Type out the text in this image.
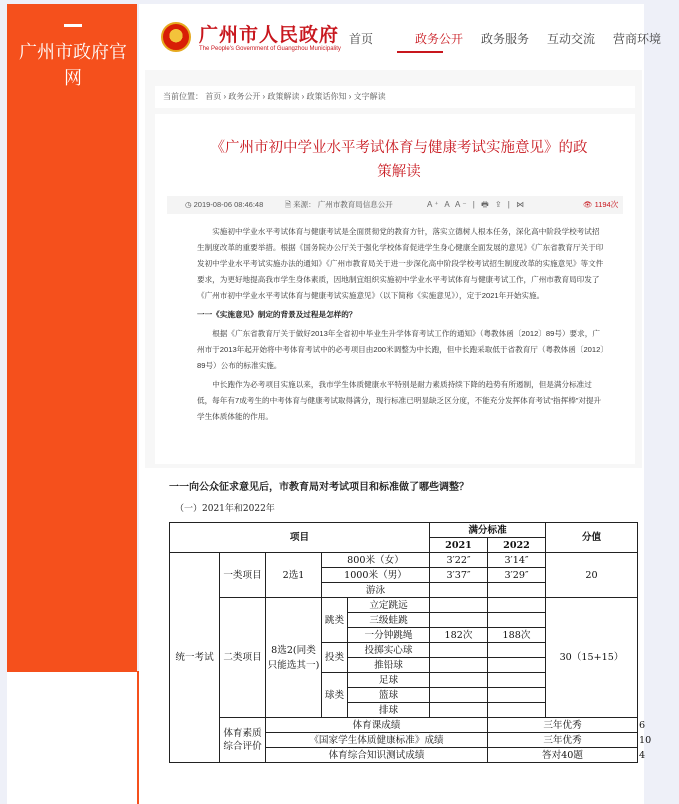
广州市政府官网
广州市人民政府
The People's Government of Guangzhou Municipality
首页	政务公开	政务服务	互动交流	营商环境
当前位置： 首页 › 政务公开 › 政策解读 › 政策话你知 › 文字解读
《广州市初中学业水平考试体育与健康考试实施意见》的政策解读
◷ 2019-08-06 08:46:48	🗎 来源： 广州市教育局信息公开	A⁺ A A⁻ | 🖶 ⇪ | ⋈	👁 1194次

实施初中学业水平考试体育与健康考试是全面贯彻党的教育方针，落实立德树人根本任务，深化高中阶段学校考试招生制度改革的重要举措。根据《国务院办公厅关于强化学校体育促进学生身心健康全面发展的意见》《广东省教育厅关于印发初中学业水平考试实施办法的通知》《广州市教育局关于进一步深化高中阶段学校考试招生制度改革的实施意见》等文件要求，为更好地提高我市学生身体素质，因地制宜组织实施初中学业水平考试体育与健康考试工作，广州市教育局印发了《广州市初中学业水平考试体育与健康考试实施意见》（以下简称《实施意见》），定于2021年开始实施。

一一《实施意见》制定的背景及过程是怎样的？

根据《广东省教育厅关于做好2013年全省初中毕业生升学体育考试工作的通知》（粤教体函〔2012〕89号）要求，广州市于2013年起开始将中考体育考试中的必考项目由200米调整为中长跑，但中长跑采取低于省教育厅（粤教体函〔2012〕89号）公布的标准实施。

中长跑作为必考项目实施以来，我市学生体质健康水平特别是耐力素质持续下降的趋势有所遏制，但是满分标准过低，每年有7成考生的中考体育与健康考试取得满分，现行标准已明显缺乏区分度，不能充分发挥体育考试“指挥棒”对提升学生体质体能的作用。

一一向公众征求意见后，市教育局对考试项目和标准做了哪些调整？
（一）2021年和2022年
项目					满分标准		分值	
					2021	2022		
统一考试	一类项目	2选1	800米（女）		3′22″	3′14″	20	
			1000米（男）		3′37″	3′29″		
			游泳					
	二类项目	8选2(同类只能选其一)	跳类	立定跳远			30（15+15）	
				三级蛙跳				
				一分钟跳绳	182次	188次		
			投类	投掷实心球				
				推铅球				
			球类	足球				
				篮球				
				排球				
	体育素质综合评价	体育课成绩				三年优秀		6
		《国家学生体质健康标准》成绩				三年优秀		10
		体育综合知识测试成绩				答对40题		4
